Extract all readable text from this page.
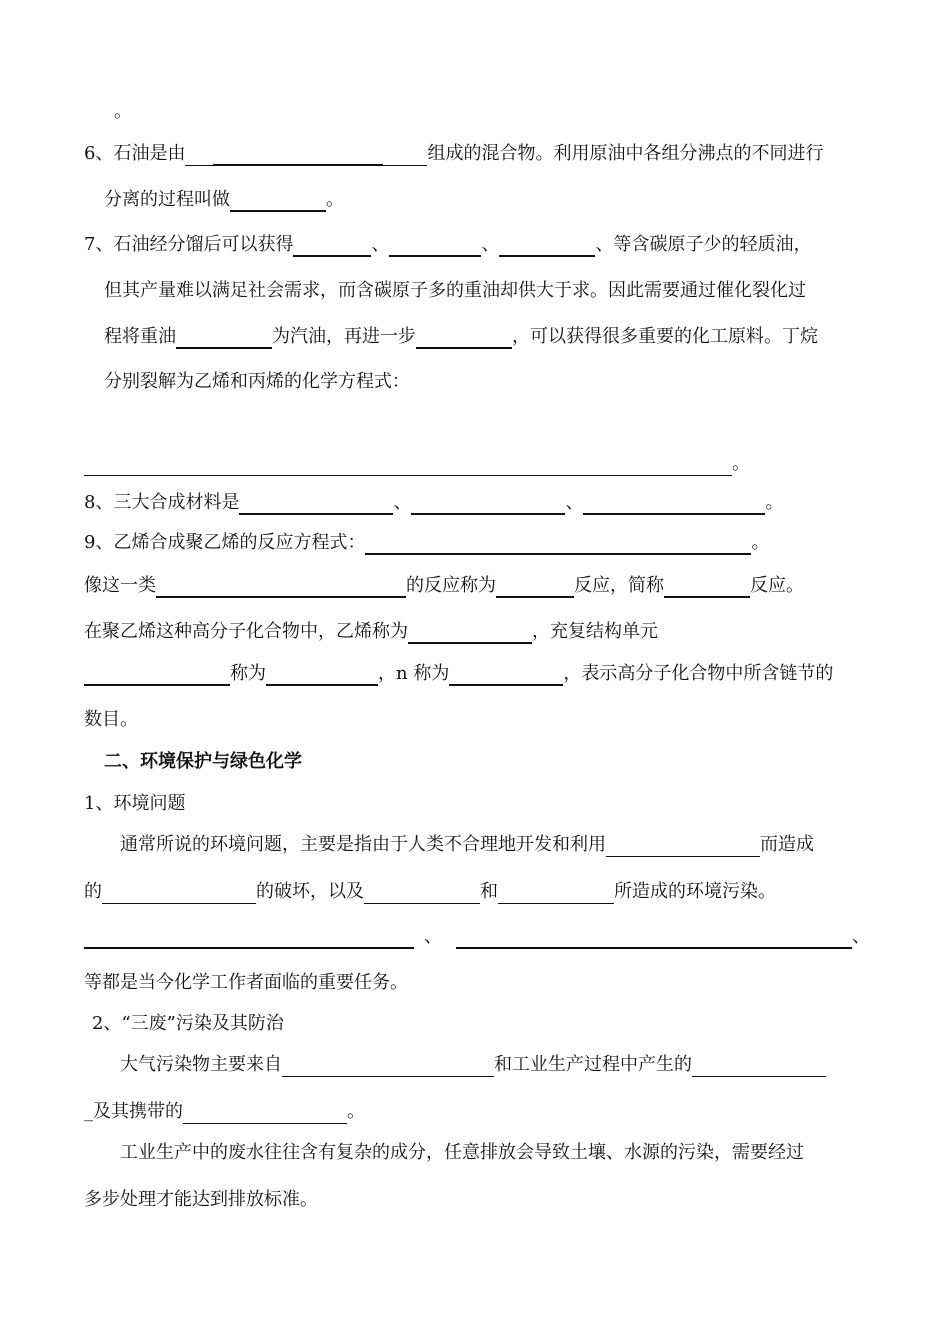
。
6、石油是由	组成的混合物。利用原油中各组分沸点的不同进行
分离的过程叫做	。
7、石油经分馏后可以获得	、	、	、等含碳原子少的轻质油，
但其产量难以满足社会需求，而含碳原子多的重油却供大于求。因此需要通过催化裂化过
程将重油	为汽油，再进一步	，可以获得很多重要的化工原料。丁烷
分别裂解为乙烯和丙烯的化学方程式：
。
8、三大合成材料是	、	、	。
9、乙烯合成聚乙烯的反应方程式：	。
像这一类	的反应称为	反应，简称	反应。
在聚乙烯这种高分子化合物中，乙烯称为	，充复结构单元
称为	，n 称为	，表示高分子化合物中所含链节的
数目。
二、环境保护与绿色化学
1、环境问题
通常所说的环境问题，主要是指由于人类不合理地开发和利用	而造成
的	的破坏，以及	和	所造成的环境污染。
、	、
等都是当今化学工作者面临的重要任务。
2、“三废”污染及其防治
大气污染物主要来自	和工业生产过程中产生的
_及其携带的	。
工业生产中的废水往往含有复杂的成分，任意排放会导致土壤、水源的污染，需要经过
多步处理才能达到排放标准。
